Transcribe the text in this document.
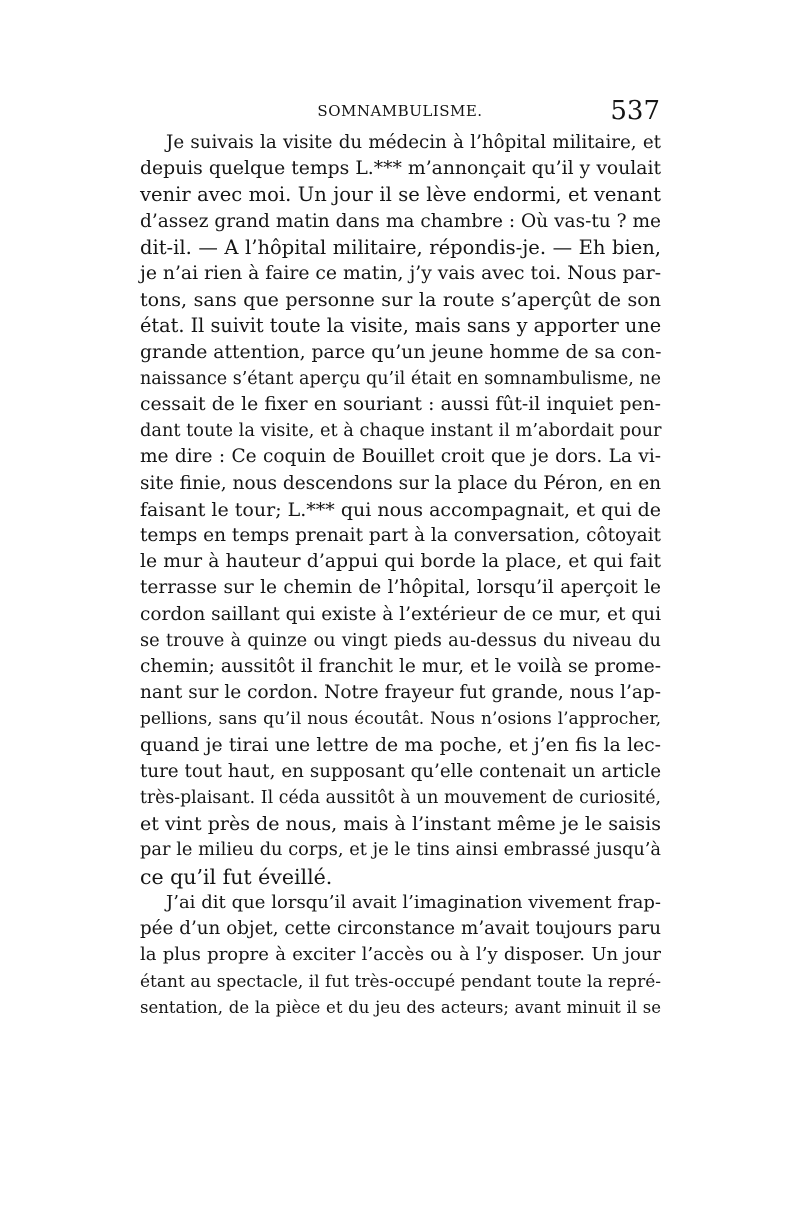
SOMNAMBULISME.	537
Je suivais la visite du médecin à l’hôpital militaire, et
depuis quelque temps L.*** m’annonçait qu’il y voulait
venir avec moi. Un jour il se lève endormi, et venant
d’assez grand matin dans ma chambre : Où vas-tu ? me
dit-il. — A l’hôpital militaire, répondis-je. — Eh bien,
je n’ai rien à faire ce matin, j’y vais avec toi. Nous par-
tons, sans que personne sur la route s’aperçût de son
état. Il suivit toute la visite, mais sans y apporter une
grande attention, parce qu’un jeune homme de sa con-
naissance s’étant aperçu qu’il était en somnambulisme, ne
cessait de le fixer en souriant : aussi fût-il inquiet pen-
dant toute la visite, et à chaque instant il m’abordait pour
me dire : Ce coquin de Bouillet croit que je dors. La vi-
site finie, nous descendons sur la place du Péron, en en
faisant le tour; L.*** qui nous accompagnait, et qui de
temps en temps prenait part à la conversation, côtoyait
le mur à hauteur d’appui qui borde la place, et qui fait
terrasse sur le chemin de l’hôpital, lorsqu’il aperçoit le
cordon saillant qui existe à l’extérieur de ce mur, et qui
se trouve à quinze ou vingt pieds au-dessus du niveau du
chemin; aussitôt il franchit le mur, et le voilà se prome-
nant sur le cordon. Notre frayeur fut grande, nous l’ap-
pellions, sans qu’il nous écoutât. Nous n’osions l’approcher,
quand je tirai une lettre de ma poche, et j’en fis la lec-
ture tout haut, en supposant qu’elle contenait un article
très-plaisant. Il céda aussitôt à un mouvement de curiosité,
et vint près de nous, mais à l’instant même je le saisis
par le milieu du corps, et je le tins ainsi embrassé jusqu’à
ce qu’il fut éveillé.
J’ai dit que lorsqu’il avait l’imagination vivement frap-
pée d’un objet, cette circonstance m’avait toujours paru
la plus propre à exciter l’accès ou à l’y disposer. Un jour
étant au spectacle, il fut très-occupé pendant toute la repré-
sentation, de la pièce et du jeu des acteurs; avant minuit il se
